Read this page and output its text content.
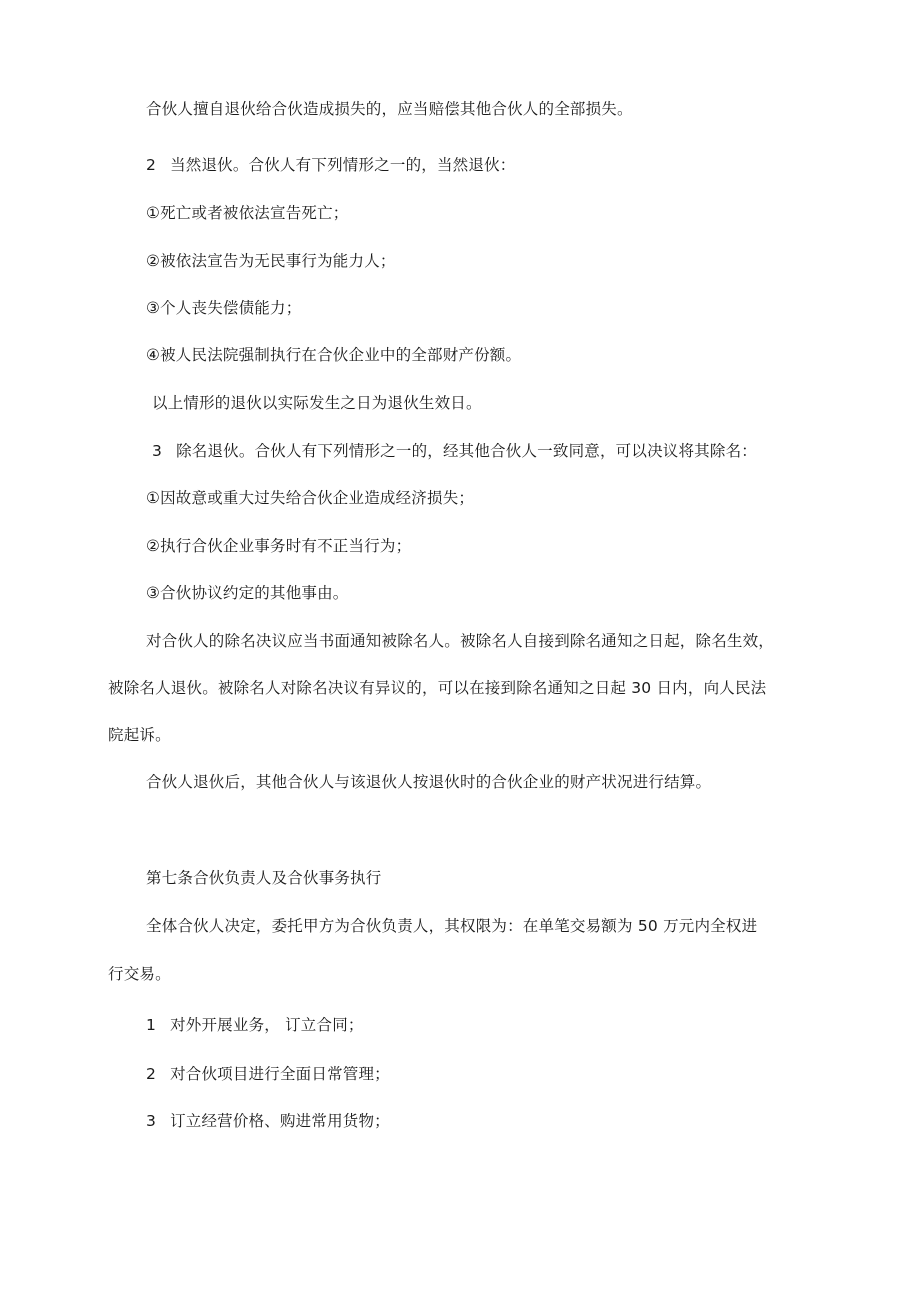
合伙人擅自退伙给合伙造成损失的，应当赔偿其他合伙人的全部损失。
2 当然退伙。合伙人有下列情形之一的，当然退伙：
①死亡或者被依法宣告死亡；
②被依法宣告为无民事行为能力人；
③个人丧失偿债能力；
④被人民法院强制执行在合伙企业中的全部财产份额。
以上情形的退伙以实际发生之日为退伙生效日。
3 除名退伙。合伙人有下列情形之一的，经其他合伙人一致同意，可以决议将其除名：
①因故意或重大过失给合伙企业造成经济损失；
②执行合伙企业事务时有不正当行为；
③合伙协议约定的其他事由。
对合伙人的除名决议应当书面通知被除名人。被除名人自接到除名通知之日起，除名生效，
被除名人退伙。被除名人对除名决议有异议的，可以在接到除名通知之日起 30 日内，向人民法
院起诉。
合伙人退伙后，其他合伙人与该退伙人按退伙时的合伙企业的财产状况进行结算。
第七条合伙负责人及合伙事务执行
全体合伙人决定，委托甲方为合伙负责人，其权限为：在单笔交易额为 50 万元内全权进
行交易。
1 对外开展业务， 订立合同；
2 对合伙项目进行全面日常管理；
3 订立经营价格、购进常用货物；
